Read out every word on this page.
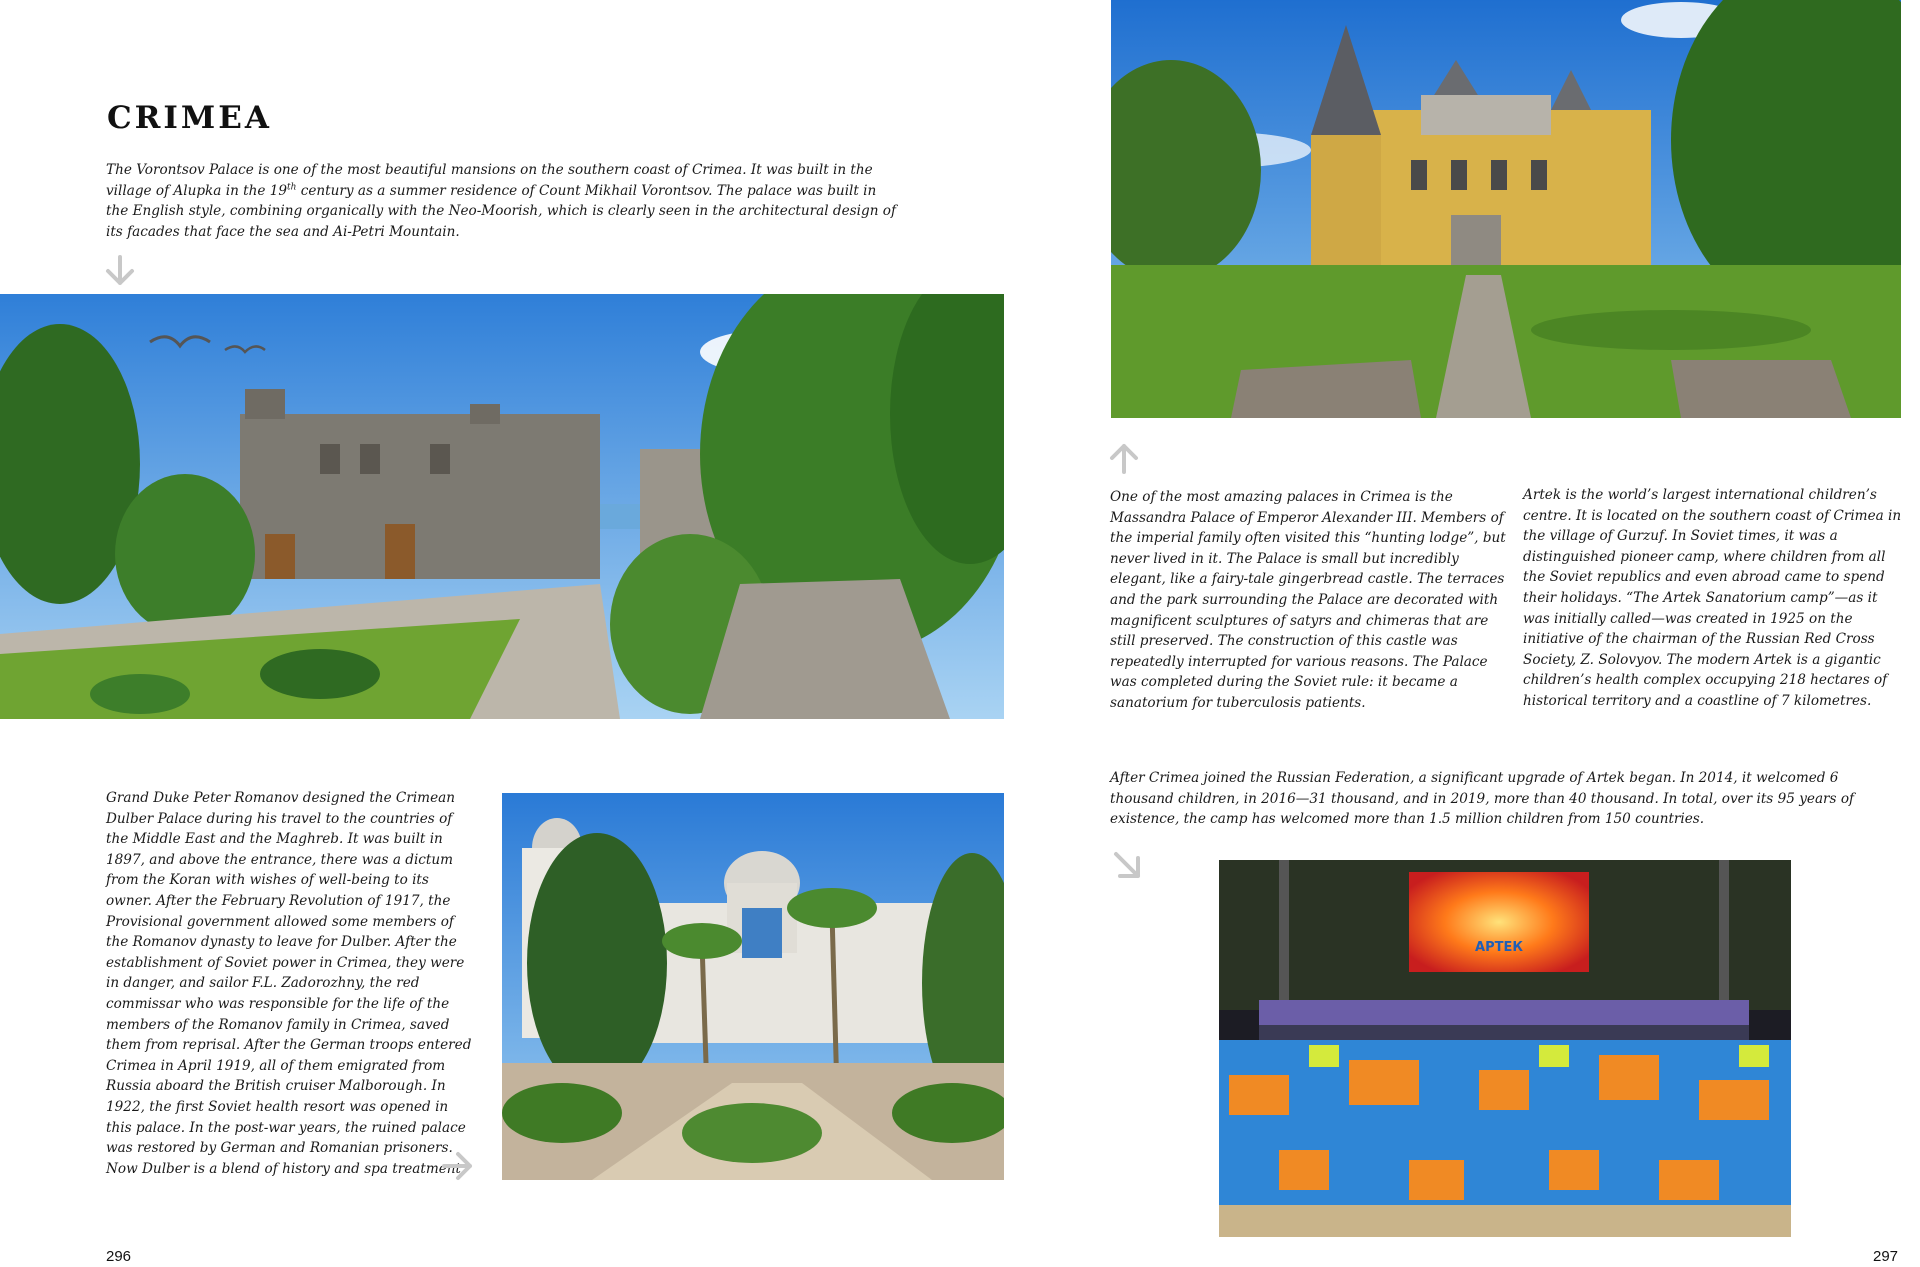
CRIMEA

The Vorontsov Palace is one of the most beautiful mansions on the southern coast of Crimea. It was built in the village of Alupka in the 19th century as a summer residence of Count Mikhail Vorontsov. The palace was built in the English style, combining organically with the Neo-Moorish, which is clearly seen in the architectural design of its facades that face the sea and Ai-Petri Mountain.

One of the most amazing palaces in Crimea is the Massandra Palace of Emperor Alexander III. Members of the imperial family often visited this “hunting lodge”, but never lived in it. The Palace is small but incredibly elegant, like a fairy-tale gingerbread castle. The terraces and the park surrounding the Palace are decorated with magnificent sculptures of satyrs and chimeras that are still preserved. The construction of this castle was repeatedly interrupted for various reasons. The Palace was completed during the Soviet rule: it became a sanatorium for tuberculosis patients.

Artek is the world’s largest international children’s centre. It is located on the southern coast of Crimea in the village of Gurzuf. In Soviet times, it was a distinguished pioneer camp, where children from all the Soviet republics and even abroad came to spend their holidays. “The Artek Sanatorium camp”—as it was initially called—was created in 1925 on the initiative of the chairman of the Russian Red Cross Society, Z. Solovyov. The modern Artek is a gigantic children’s health complex occupying 218 hectares of historical territory and a coastline of 7 kilometres.

Grand Duke Peter Romanov designed the Crimean Dulber Palace during his travel to the countries of the Middle East and the Maghreb. It was built in 1897, and above the entrance, there was a dictum from the Koran with wishes of well-being to its owner. After the February Revolution of 1917, the Provisional government allowed some members of the Romanov dynasty to leave for Dulber. After the establishment of Soviet power in Crimea, they were in danger, and sailor F.L. Zadorozhny, the red commissar who was responsible for the life of the members of the Romanov family in Crimea, saved them from reprisal. After the German troops entered Crimea in April 1919, all of them emigrated from Russia aboard the British cruiser Malborough. In 1922, the first Soviet health resort was opened in this palace. In the post-war years, the ruined palace was restored by German and Romanian prisoners. Now Dulber is a blend of history and spa treatment.

After Crimea joined the Russian Federation, a significant upgrade of Artek began. In 2014, it welcomed 6 thousand children, in 2016—31 thousand, and in 2019, more than 40 thousand. In total, over its 95 years of existence, the camp has welcomed more than 1.5 million children from 150 countries.

АРТЕК
296	297
